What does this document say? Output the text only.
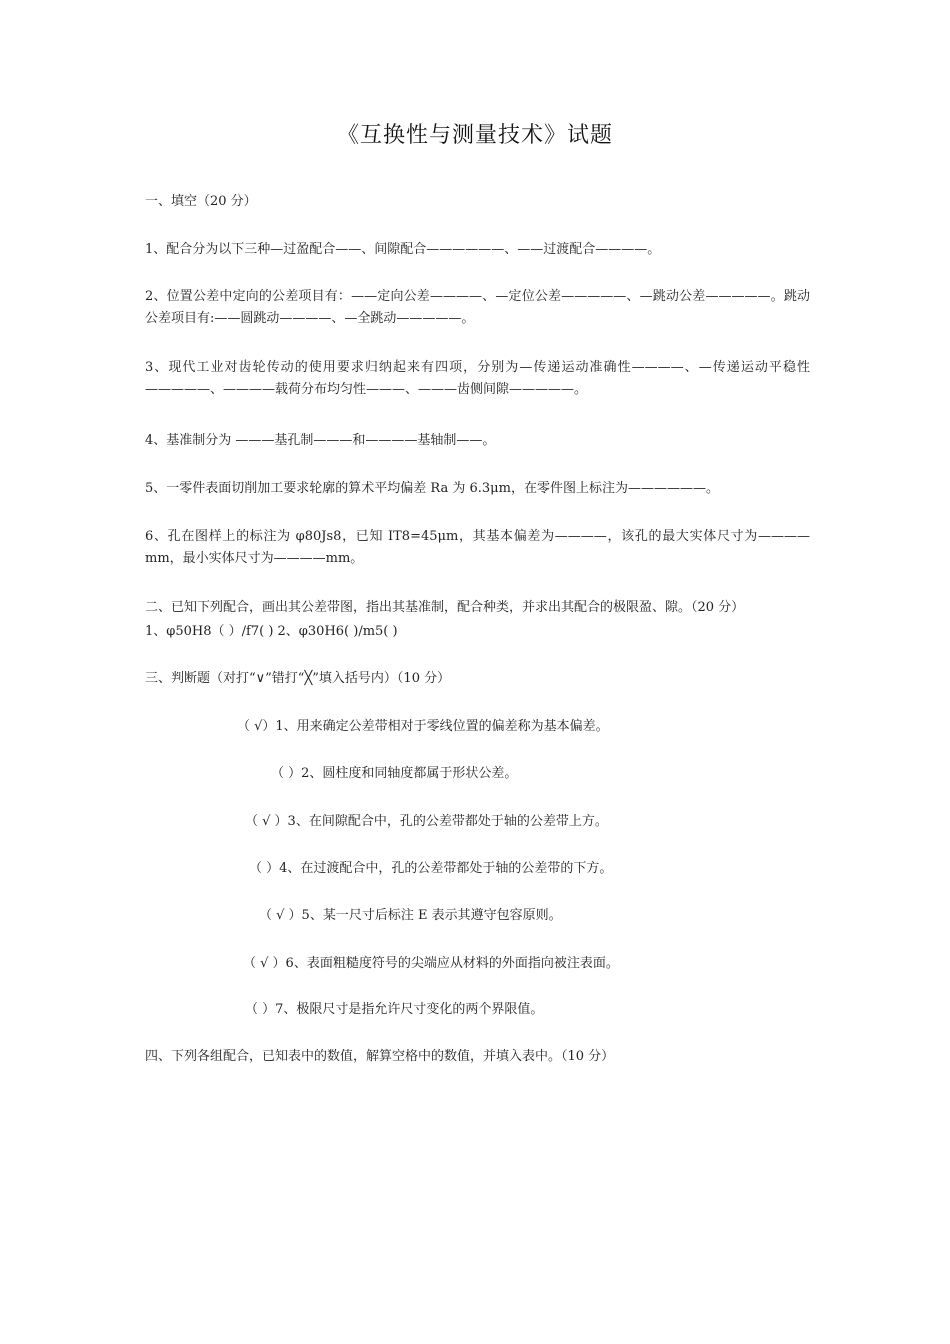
《互换性与测量技术》试题
一、填空（20 分）
1、配合分为以下三种—过盈配合——、间隙配合——————、——过渡配合————。
2、位置公差中定向的公差项目有：——定向公差————、—定位公差—————、—跳动公差—————。跳动公差项目有:——圆跳动————、—全跳动—————。
3、现代工业对齿轮传动的使用要求归纳起来有四项，分别为—传递运动准确性————、—传递运动平稳性—————、————载荷分布均匀性———、———齿侧间隙—————。
4、基准制分为 ———基孔制———和————基轴制——。
5、一零件表面切削加工要求轮廓的算术平均偏差 Ra 为 6.3μm，在零件图上标注为——————。
6、孔在图样上的标注为 φ80Js8，已知 IT8=45μm，其基本偏差为————，该孔的最大实体尺寸为————mm，最小实体尺寸为————mm。
二、已知下列配合，画出其公差带图，指出其基准制，配合种类，并求出其配合的极限盈、隙。（20 分）
1、φ50H8（ ）/f7( ) 2、φ30H6( )/m5( )
三、判断题（对打“∨”错打“╳”填入括号内）（10 分）
（ √）1、用来确定公差带相对于零线位置的偏差称为基本偏差。
（ ）2、圆柱度和同轴度都属于形状公差。
（ √ ）3、在间隙配合中，孔的公差带都处于轴的公差带上方。
（ ）4、在过渡配合中，孔的公差带都处于轴的公差带的下方。
（ √ ）5、某一尺寸后标注 E 表示其遵守包容原则。
（ √ ）6、表面粗糙度符号的尖端应从材料的外面指向被注表面。
（ ）7、极限尺寸是指允许尺寸变化的两个界限值。
四、下列各组配合，已知表中的数值，解算空格中的数值，并填入表中。（10 分）
